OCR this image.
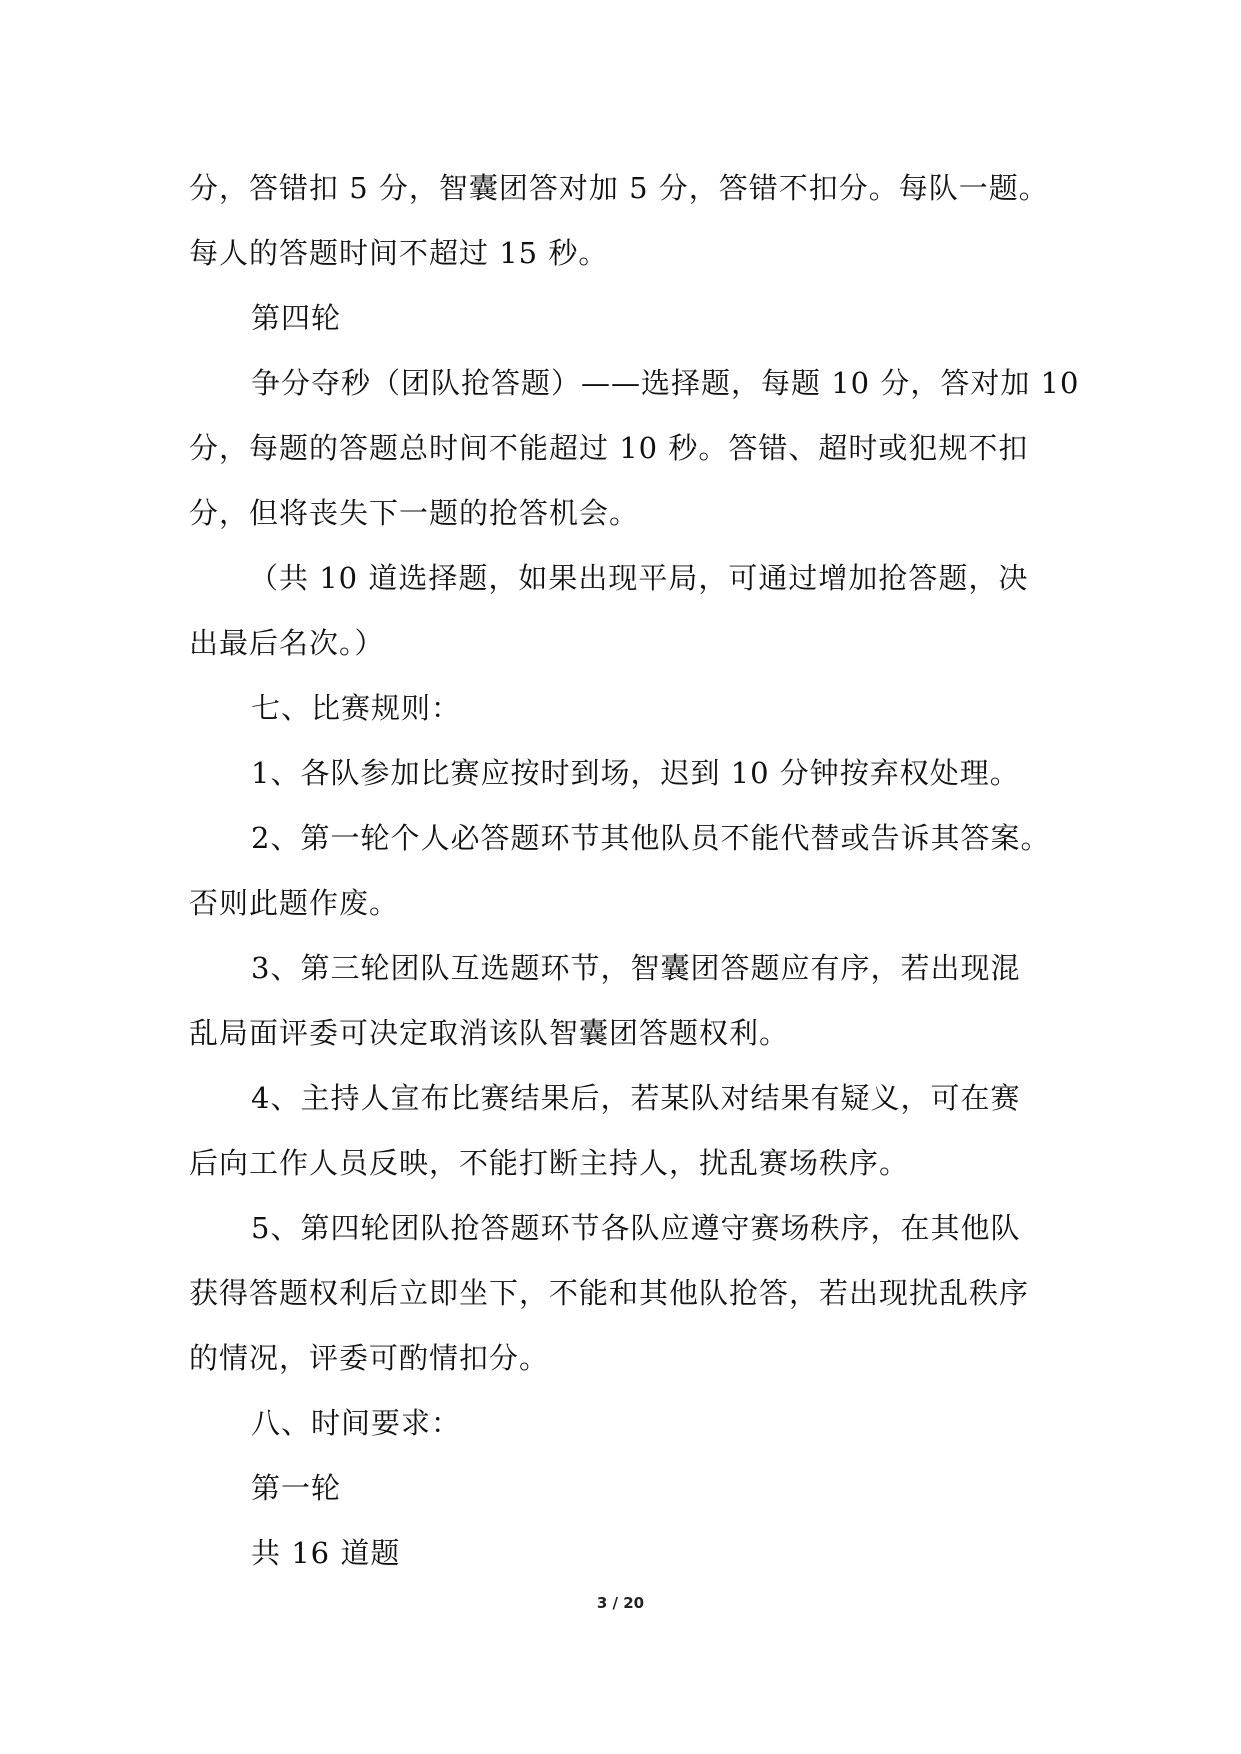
分，答错扣 5 分，智囊团答对加 5 分，答错不扣分。每队一题。
每人的答题时间不超过 15 秒。
第四轮
争分夺秒（团队抢答题）——选择题，每题 10 分，答对加 10
分，每题的答题总时间不能超过 10 秒。答错、超时或犯规不扣
分，但将丧失下一题的抢答机会。
（共 10 道选择题，如果出现平局，可通过增加抢答题，决
出最后名次。）
七、比赛规则：
1、各队参加比赛应按时到场，迟到 10 分钟按弃权处理。
2、第一轮个人必答题环节其他队员不能代替或告诉其答案。
否则此题作废。
3、第三轮团队互选题环节，智囊团答题应有序，若出现混
乱局面评委可决定取消该队智囊团答题权利。
4、主持人宣布比赛结果后，若某队对结果有疑义，可在赛
后向工作人员反映，不能打断主持人，扰乱赛场秩序。
5、第四轮团队抢答题环节各队应遵守赛场秩序，在其他队
获得答题权利后立即坐下，不能和其他队抢答，若出现扰乱秩序
的情况，评委可酌情扣分。
八、时间要求：
第一轮
共 16 道题
3 / 20
